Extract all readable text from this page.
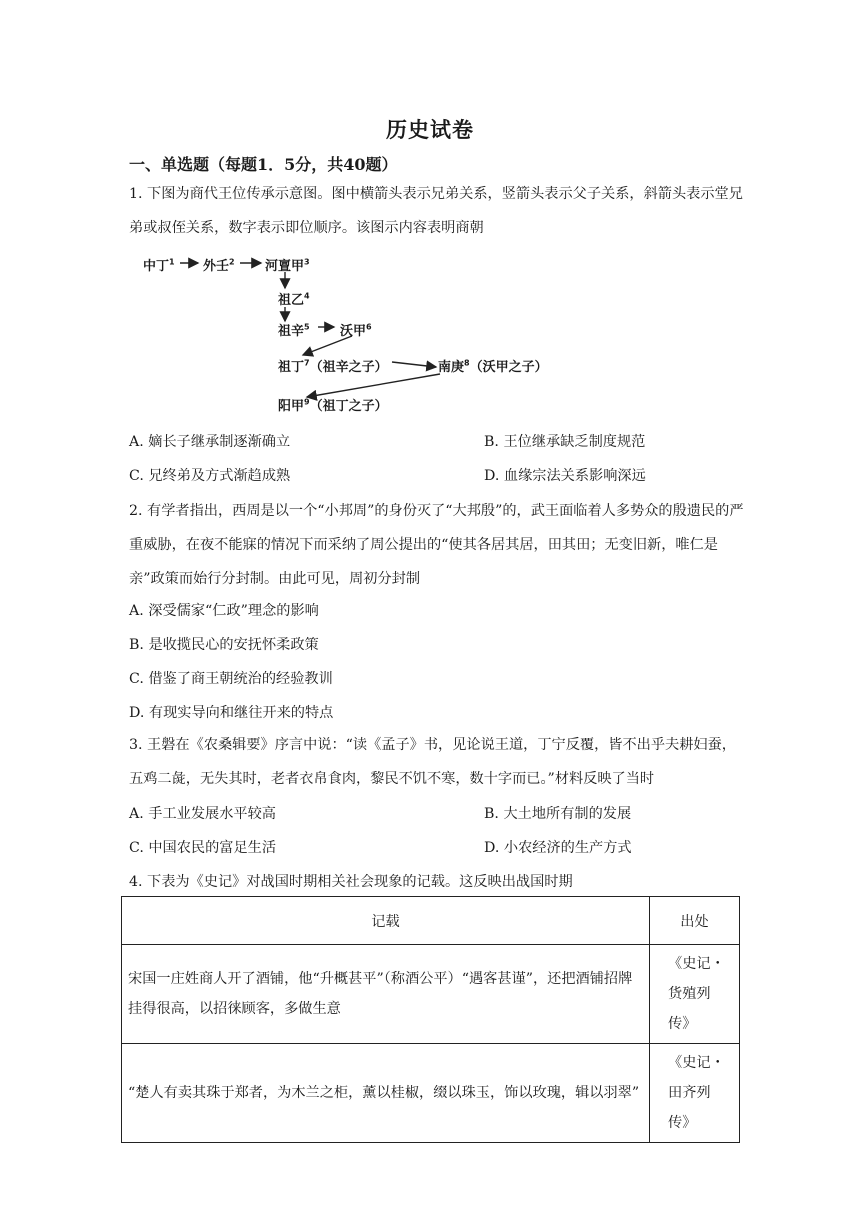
历史试卷
一、单选题（每题1．5分，共40题）
1. 下图为商代王位传承示意图。图中横箭头表示兄弟关系，竖箭头表示父子关系，斜箭头表示堂兄弟或叔侄关系，数字表示即位顺序。该图示内容表明商朝
中丁$^1$ 外壬$^2$ 河亶甲$^3$
祖乙$^4$
祖辛$^5$ 沃甲$^6$
祖丁$^7$（祖辛之子）	南庚$^8$（沃甲之子）
阳甲$^9$（祖丁之子）
A. 嫡长子继承制逐渐确立	B. 王位继承缺乏制度规范
C. 兄终弟及方式渐趋成熟	D. 血缘宗法关系影响深远
2. 有学者指出，西周是以一个“小邦周”的身份灭了“大邦殷”的，武王面临着人多势众的殷遗民的严重威胁，在夜不能寐的情况下而采纳了周公提出的“使其各居其居，田其田；无变旧新，唯仁是亲”政策而始行分封制。由此可见，周初分封制
A. 深受儒家“仁政”理念的影响
B. 是收揽民心的安抚怀柔政策
C. 借鉴了商王朝统治的经验教训
D. 有现实导向和继往开来的特点
3. 王磐在《农桑辑要》序言中说：“读《孟子》书，见论说王道，丁宁反覆，皆不出乎夫耕妇蚕，五鸡二彘，无失其时，老者衣帛食肉，黎民不饥不寒，数十字而已。”材料反映了当时
A. 手工业发展水平较高	B. 大土地所有制的发展
C. 中国农民的富足生活	D. 小农经济的生产方式
4. 下表为《史记》对战国时期相关社会现象的记载。这反映出战国时期
记载	出处

宋国一庄姓商人开了酒铺，他“升概甚平”（称酒公平）“遇客甚谨”，还把酒铺招牌挂得很高，以招徕顾客，多做生意	《史记・货殖列传》

“楚人有卖其珠于郑者，为木兰之柜，薰以桂椒，缀以珠玉，饰以玫瑰，辑以羽翠”	《史记・田齐列传》
